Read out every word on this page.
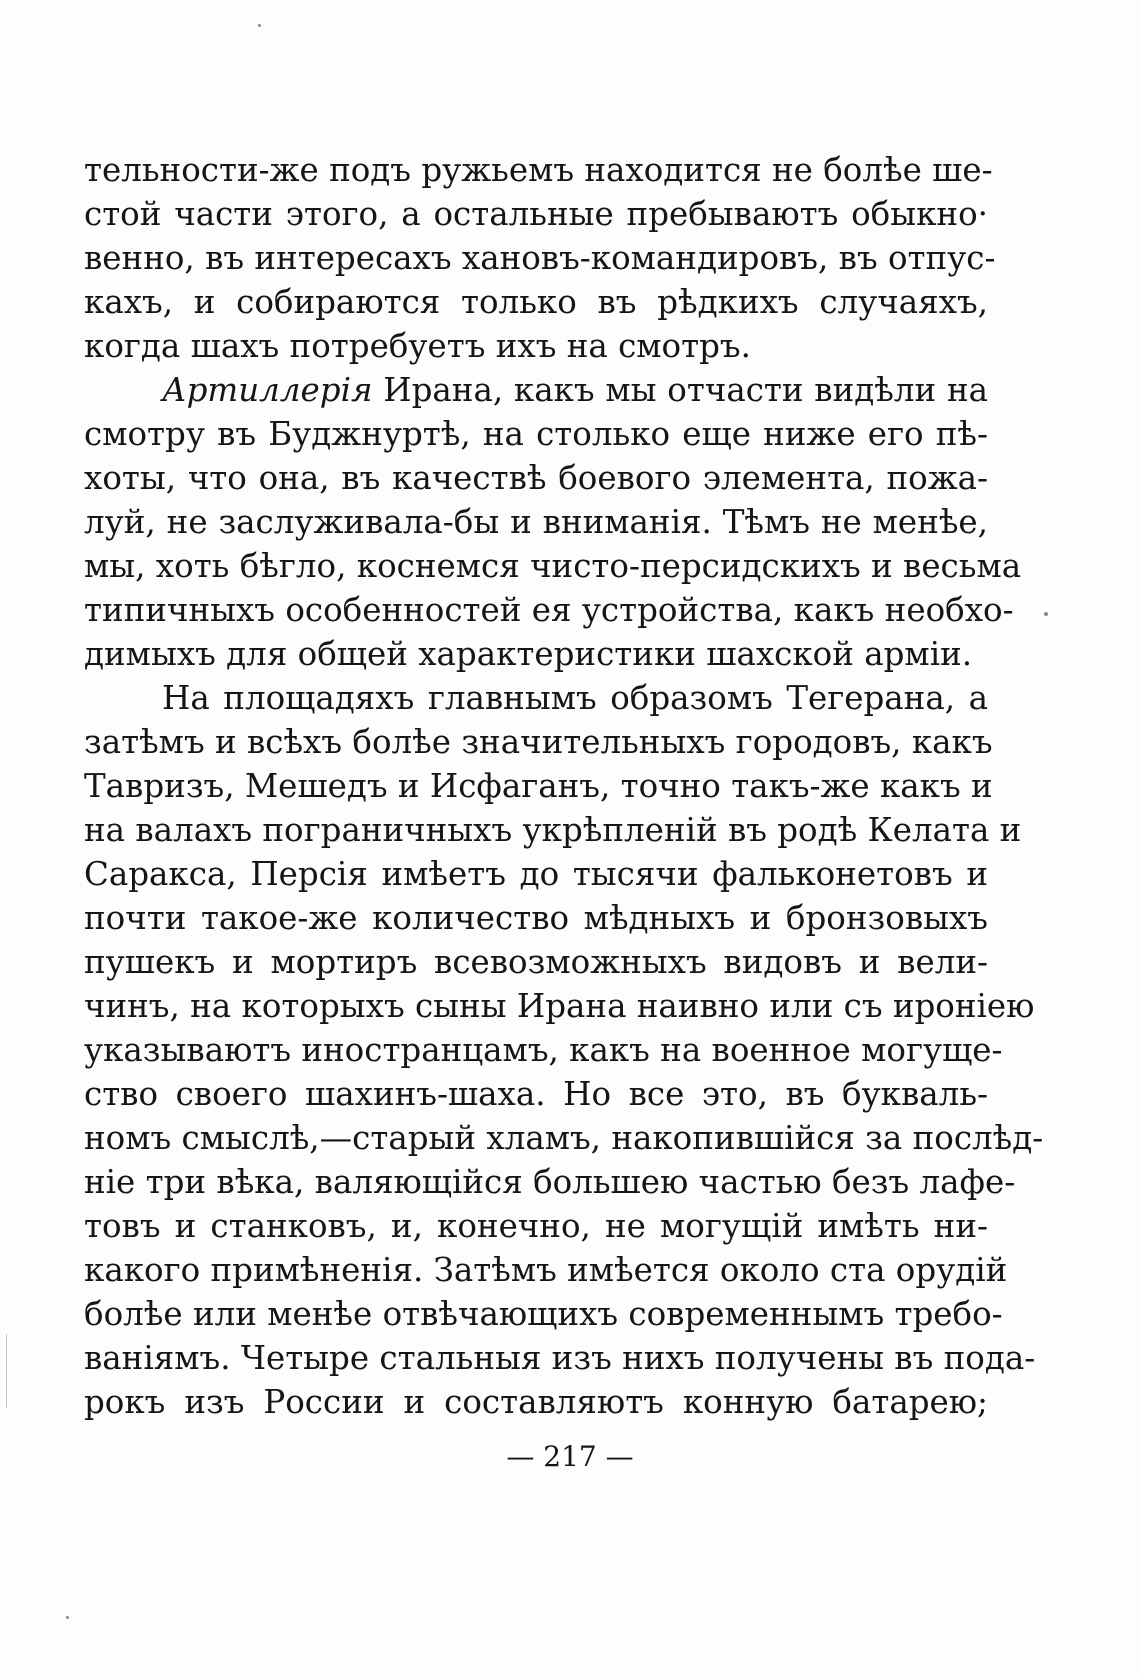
тельности-же подъ ружьемъ находится не болѣе ше-
стой части этого, а остальные пребываютъ обыкно·
венно, въ интересахъ хановъ-командировъ, въ отпус-
кахъ, и собираются только въ рѣдкихъ случаяхъ,
когда шахъ потребуетъ ихъ на смотръ.
Артиллерія Ирана, какъ мы отчасти видѣли на
смотру въ Буджнуртѣ, на столько еще ниже его пѣ-
хоты, что она, въ качествѣ боевого элемента, пожа-
луй, не заслуживала-бы и вниманія. Тѣмъ не менѣе,
мы, хоть бѣгло, коснемся чисто-персидскихъ и весьма
типичныхъ особенностей ея устройства, какъ необхо-
димыхъ для общей характеристики шахской арміи.
На площадяхъ главнымъ образомъ Тегерана, а
затѣмъ и всѣхъ болѣе значительныхъ городовъ, какъ
Тавризъ, Мешедъ и Исфаганъ, точно такъ-же какъ и
на валахъ пограничныхъ укрѣпленій въ родѣ Келата и
Саракса, Персія имѣетъ до тысячи фальконетовъ и
почти такое-же количество мѣдныхъ и бронзовыхъ
пушекъ и мортиръ всевозможныхъ видовъ и вели-
чинъ, на которыхъ сыны Ирана наивно или съ ироніею
указываютъ иностранцамъ, какъ на военное могуще-
ство своего шахинъ-шаха. Но все это, въ букваль-
номъ смыслѣ,—старый хламъ, накопившійся за послѣд-
ніе три вѣка, валяющійся большею частью безъ лафе-
товъ и станковъ, и, конечно, не могущій имѣть ни-
какого примѣненія. Затѣмъ имѣется около ста орудій
болѣе или менѣе отвѣчающихъ современнымъ требо-
ваніямъ. Четыре стальныя изъ нихъ получены въ пода-
рокъ изъ России и составляютъ конную батарею;
— 217 —
